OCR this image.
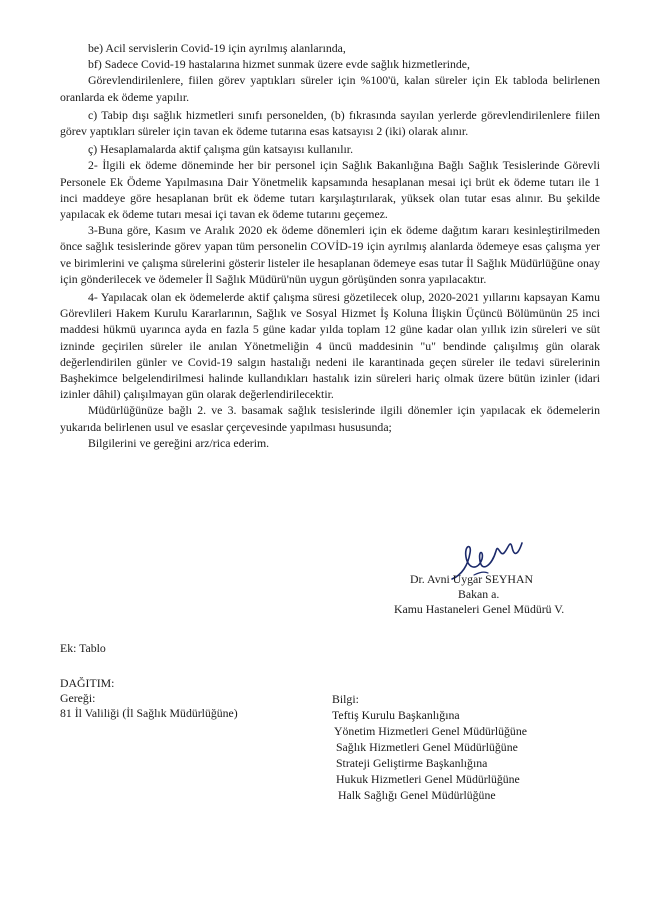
be) Acil servislerin Covid-19 için ayrılmış alanlarında,

bf) Sadece Covid-19 hastalarına hizmet sunmak üzere evde sağlık hizmetlerinde,

Görevlendirilenlere, fiilen görev yaptıkları süreler için %100'ü, kalan süreler için Ek tabloda belirlenen oranlarda ek ödeme yapılır.

c) Tabip dışı sağlık hizmetleri sınıfı personelden, (b) fıkrasında sayılan yerlerde görevlendirilenlere fiilen görev yaptıkları süreler için tavan ek ödeme tutarına esas katsayısı 2 (iki) olarak alınır.

ç) Hesaplamalarda aktif çalışma gün katsayısı kullanılır.

2- İlgili ek ödeme döneminde her bir personel için Sağlık Bakanlığına Bağlı Sağlık Tesislerinde Görevli Personele Ek Ödeme Yapılmasına Dair Yönetmelik kapsamında hesaplanan mesai içi brüt ek ödeme tutarı ile 1 inci maddeye göre hesaplanan brüt ek ödeme tutarı karşılaştırılarak, yüksek olan tutar esas alınır. Bu şekilde yapılacak ek ödeme tutarı mesai içi tavan ek ödeme tutarını geçemez.

3-Buna göre, Kasım ve Aralık 2020 ek ödeme dönemleri için ek ödeme dağıtım kararı kesinleştirilmeden önce sağlık tesislerinde görev yapan tüm personelin COVİD-19 için ayrılmış alanlarda ödemeye esas çalışma yer ve birimlerini ve çalışma sürelerini gösterir listeler ile hesaplanan ödemeye esas tutar İl Sağlık Müdürlüğüne onay için gönderilecek ve ödemeler İl Sağlık Müdürü'nün uygun görüşünden sonra yapılacaktır.

4- Yapılacak olan ek ödemelerde aktif çalışma süresi gözetilecek olup, 2020-2021 yıllarını kapsayan Kamu Görevlileri Hakem Kurulu Kararlarının, Sağlık ve Sosyal Hizmet İş Koluna İlişkin Üçüncü Bölümünün 25 inci maddesi hükmü uyarınca ayda en fazla 5 güne kadar yılda toplam 12 güne kadar olan yıllık izin süreleri ve süt izninde geçirilen süreler ile anılan Yönetmeliğin 4 üncü maddesinin "u" bendinde çalışılmış gün olarak değerlendirilen günler ve Covid-19 salgın hastalığı nedeni ile karantinada geçen süreler ile tedavi sürelerinin Başhekimce belgelendirilmesi halinde kullandıkları hastalık izin süreleri hariç olmak üzere bütün izinler (idari izinler dâhil) çalışılmayan gün olarak değerlendirilecektir.

Müdürlüğünüze bağlı 2. ve 3. basamak sağlık tesislerinde ilgili dönemler için yapılacak ek ödemelerin yukarıda belirlenen usul ve esaslar çerçevesinde yapılması hususunda;

Bilgilerini ve gereğini arz/rica ederim.

Dr. Avni Uygar SEYHAN
Bakan a.
Kamu Hastaneleri Genel Müdürü V.
Ek: Tablo
DAĞITIM:
Gereği:
81 İl Valiliği (İl Sağlık Müdürlüğüne)
Bilgi:
Teftiş Kurulu Başkanlığına
Yönetim Hizmetleri Genel Müdürlüğüne
Sağlık Hizmetleri Genel Müdürlüğüne
Strateji Geliştirme Başkanlığına
Hukuk Hizmetleri Genel Müdürlüğüne
Halk Sağlığı Genel Müdürlüğüne
